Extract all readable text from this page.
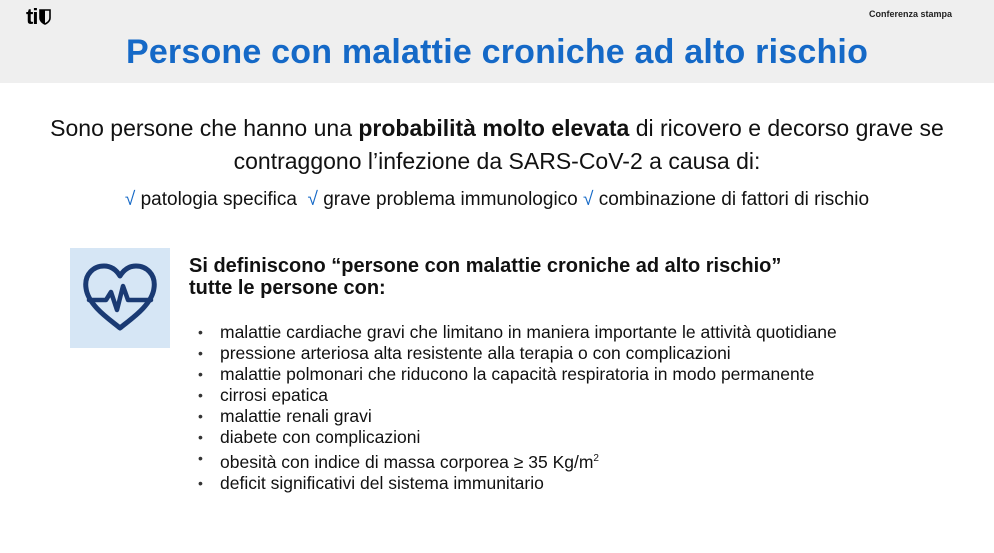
ti	Conferenza stampa
Persone con malattie croniche ad alto rischio
Sono persone che hanno una probabilità molto elevata di ricovero e decorso grave se contraggono l’infezione da SARS-CoV-2 a causa di:
√ patologia specifica √ grave problema immunologico √ combinazione di fattori di rischio
Si definiscono “persone con malattie croniche ad alto rischio”
tutte le persone con:
• malattie cardiache gravi che limitano in maniera importante le attività quotidiane
• pressione arteriosa alta resistente alla terapia o con complicazioni
• malattie polmonari che riducono la capacità respiratoria in modo permanente
• cirrosi epatica
• malattie renali gravi
• diabete con complicazioni
• obesità con indice di massa corporea ≥ 35 $Kg/m^2$
• deficit significativi del sistema immunitario
